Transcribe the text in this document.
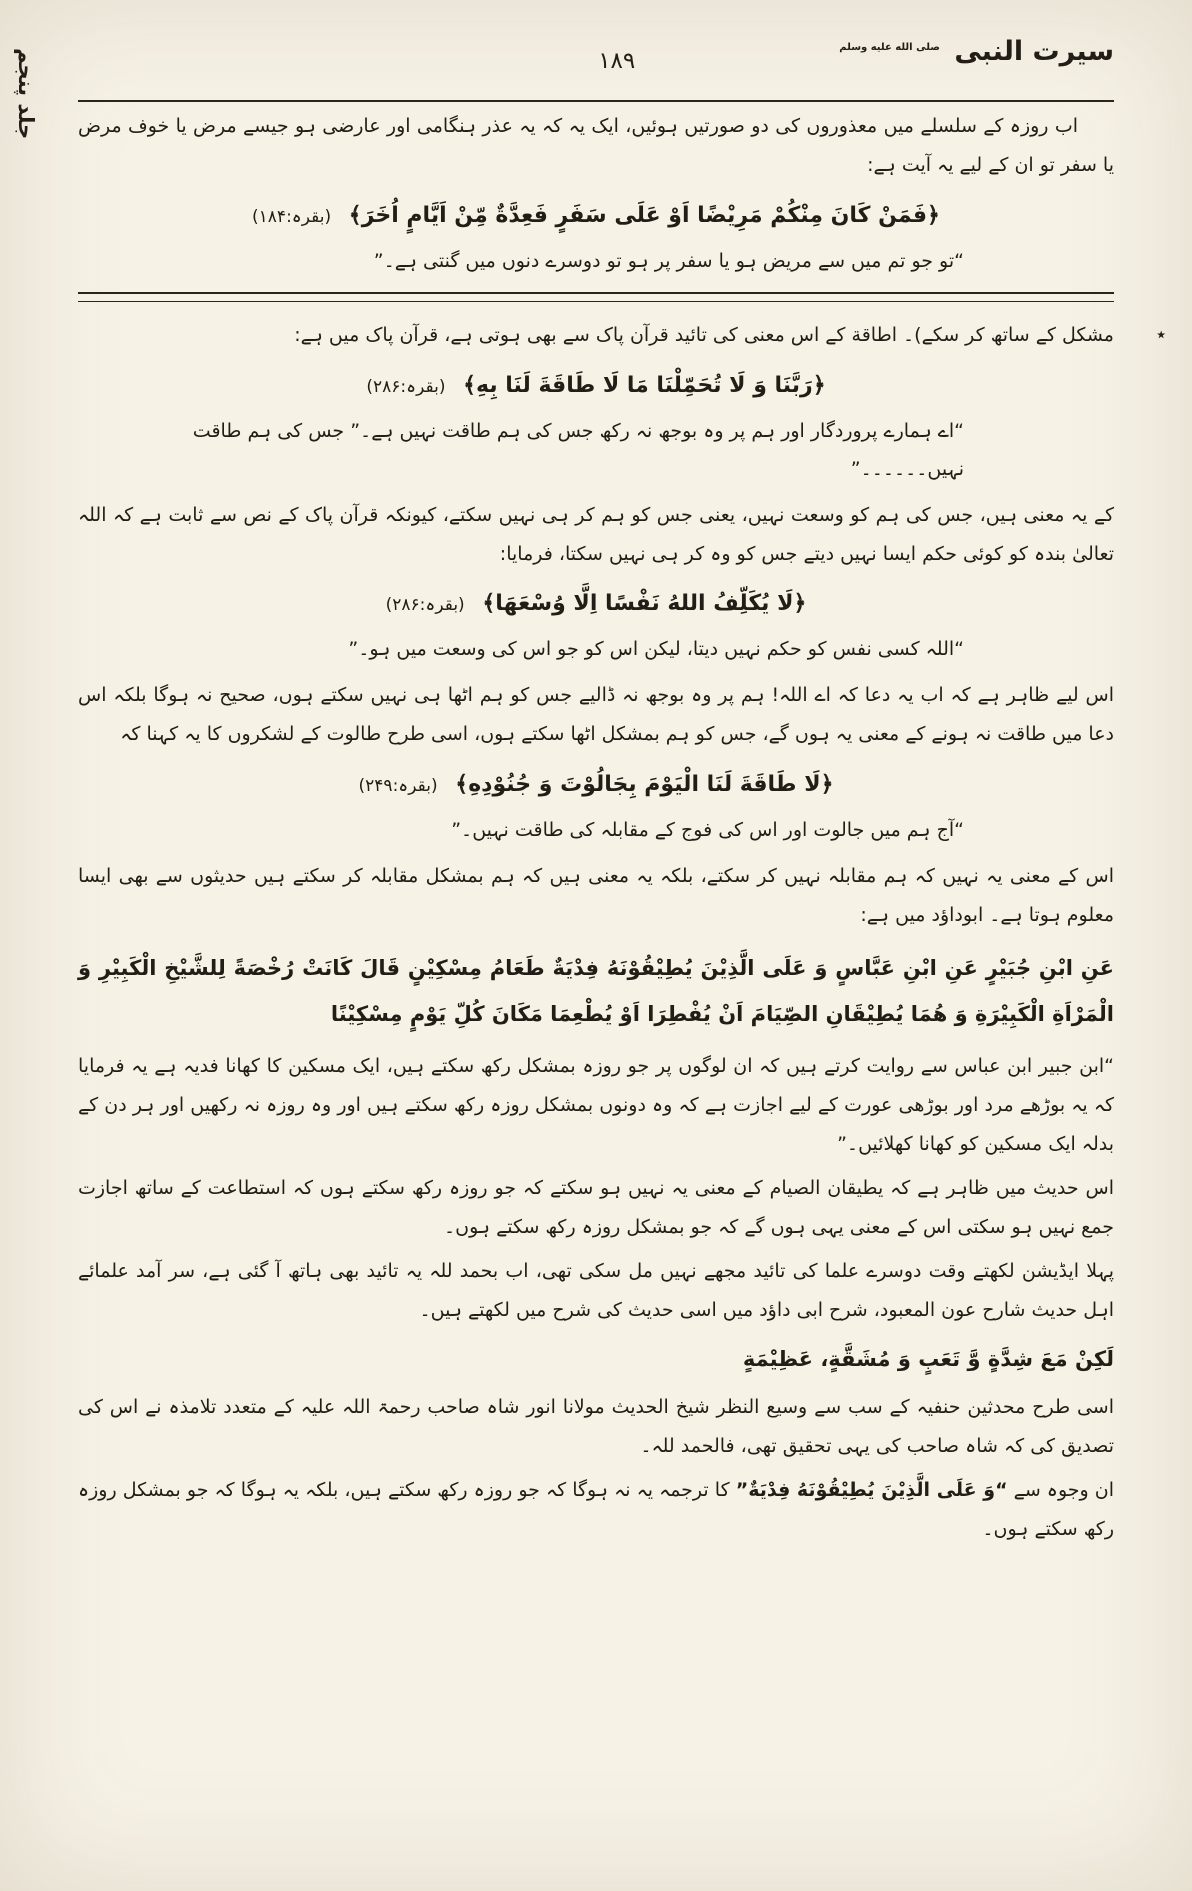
جلد پنجم	سیرت النبی $^{صلى الله عليه وسلم}$
۱۸۹

اب روزہ کے سلسلے میں معذوروں کی دو صورتیں ہوئیں، ایک یہ کہ یہ عذر ہنگامی اور عارضی ہو جیسے مرض یا خوف مرض یا سفر تو ان کے لیے یہ آیت ہے:

﴿فَمَنْ كَانَ مِنْكُمْ مَرِيْضًا اَوْ عَلَى سَفَرٍ فَعِدَّةٌ مِّنْ اَيَّامٍ اُخَرَ﴾ (بقرہ:۱۸۴)

“تو جو تم میں سے مریض ہو یا سفر پر ہو تو دوسرے دنوں میں گنتی ہے۔”

٭

مشکل کے ساتھ کر سکے)۔ اطاقة کے اس معنی کی تائید قرآن پاک سے بھی ہوتی ہے، قرآن پاک میں ہے:

﴿رَبَّنَا وَ لَا تُحَمِّلْنَا مَا لَا طَاقَةَ لَنَا بِهِ﴾ (بقرہ:۲۸۶)

“اے ہمارے پروردگار اور ہم پر وہ بوجھ نہ رکھ جس کی ہم طاقت نہیں ہے۔” جس کی ہم طاقت نہیں۔۔۔۔۔۔”

کے یہ معنی ہیں، جس کی ہم کو وسعت نہیں، یعنی جس کو ہم کر ہی نہیں سکتے، کیونکہ قرآن پاک کے نص سے ثابت ہے کہ اللہ تعالیٰ بندہ کو کوئی حکم ایسا نہیں دیتے جس کو وہ کر ہی نہیں سکتا، فرمایا:

﴿لَا يُكَلِّفُ اللهُ نَفْسًا اِلَّا وُسْعَهَا﴾ (بقرہ:۲۸۶)

“اللہ کسی نفس کو حکم نہیں دیتا، لیکن اس کو جو اس کی وسعت میں ہو۔”

اس لیے ظاہر ہے کہ اب یہ دعا کہ اے اللہ! ہم پر وہ بوجھ نہ ڈالیے جس کو ہم اٹھا ہی نہیں سکتے ہوں، صحیح نہ ہوگا بلکہ اس دعا میں طاقت نہ ہونے کے معنی یہ ہوں گے، جس کو ہم بمشکل اٹھا سکتے ہوں، اسی طرح طالوت کے لشکروں کا یہ کہنا کہ

﴿لَا طَاقَةَ لَنَا الْيَوْمَ بِجَالُوْتَ وَ جُنُوْدِهِ﴾ (بقرہ:۲۴۹)

“آج ہم میں جالوت اور اس کی فوج کے مقابلہ کی طاقت نہیں۔”

اس کے معنی یہ نہیں کہ ہم مقابلہ نہیں کر سکتے، بلکہ یہ معنی ہیں کہ ہم بمشکل مقابلہ کر سکتے ہیں حدیثوں سے بھی ایسا معلوم ہوتا ہے۔ ابوداؤد میں ہے:

عَنِ ابْنِ جُبَيْرٍ عَنِ ابْنِ عَبَّاسٍ وَ عَلَى الَّذِيْنَ يُطِيْقُوْنَهُ فِدْيَةٌ طَعَامُ مِسْكِيْنٍ قَالَ كَانَتْ رُخْصَةً لِلشَّيْخِ الْكَبِيْرِ وَ الْمَرْاَةِ الْكَبِيْرَةِ وَ هُمَا يُطِيْقَانِ الصِّيَامَ اَنْ يُفْطِرَا اَوْ يُطْعِمَا مَكَانَ كُلِّ يَوْمٍ مِسْكِيْنًا

“ابن جبیر ابن عباس سے روایت کرتے ہیں کہ ان لوگوں پر جو روزہ بمشکل رکھ سکتے ہیں، ایک مسکین کا کھانا فدیہ ہے یہ فرمایا کہ یہ بوڑھے مرد اور بوڑھی عورت کے لیے اجازت ہے کہ وہ دونوں بمشکل روزہ رکھ سکتے ہیں اور وہ روزہ نہ رکھیں اور ہر دن کے بدلہ ایک مسکین کو کھانا کھلائیں۔”

اس حدیث میں ظاہر ہے کہ یطیقان الصیام کے معنی یہ نہیں ہو سکتے کہ جو روزہ رکھ سکتے ہوں کہ استطاعت کے ساتھ اجازت جمع نہیں ہو سکتی اس کے معنی یہی ہوں گے کہ جو بمشکل روزہ رکھ سکتے ہوں۔

پہلا ایڈیشن لکھتے وقت دوسرے علما کی تائید مجھے نہیں مل سکی تھی، اب بحمد للہ یہ تائید بھی ہاتھ آ گئی ہے، سر آمد علمائے اہل حدیث شارح عون المعبود، شرح ابی داؤد میں اسی حدیث کی شرح میں لکھتے ہیں۔

لَكِنْ مَعَ شِدَّةٍ وَّ تَعَبٍ وَ مُشَقَّةٍ، عَظِيْمَةٍ

اسی طرح محدثین حنفیہ کے سب سے وسیع النظر شیخ الحدیث مولانا انور شاہ صاحب رحمۃ اللہ علیہ کے متعدد تلامذہ نے اس کی تصدیق کی کہ شاہ صاحب کی یہی تحقیق تھی، فالحمد للہ۔

ان وجوہ سے “وَ عَلَى الَّذِيْنَ يُطِيْقُوْنَهُ فِدْيَةٌ” کا ترجمہ یہ نہ ہوگا کہ جو روزہ رکھ سکتے ہیں، بلکہ یہ ہوگا کہ جو بمشکل روزہ رکھ سکتے ہوں۔
